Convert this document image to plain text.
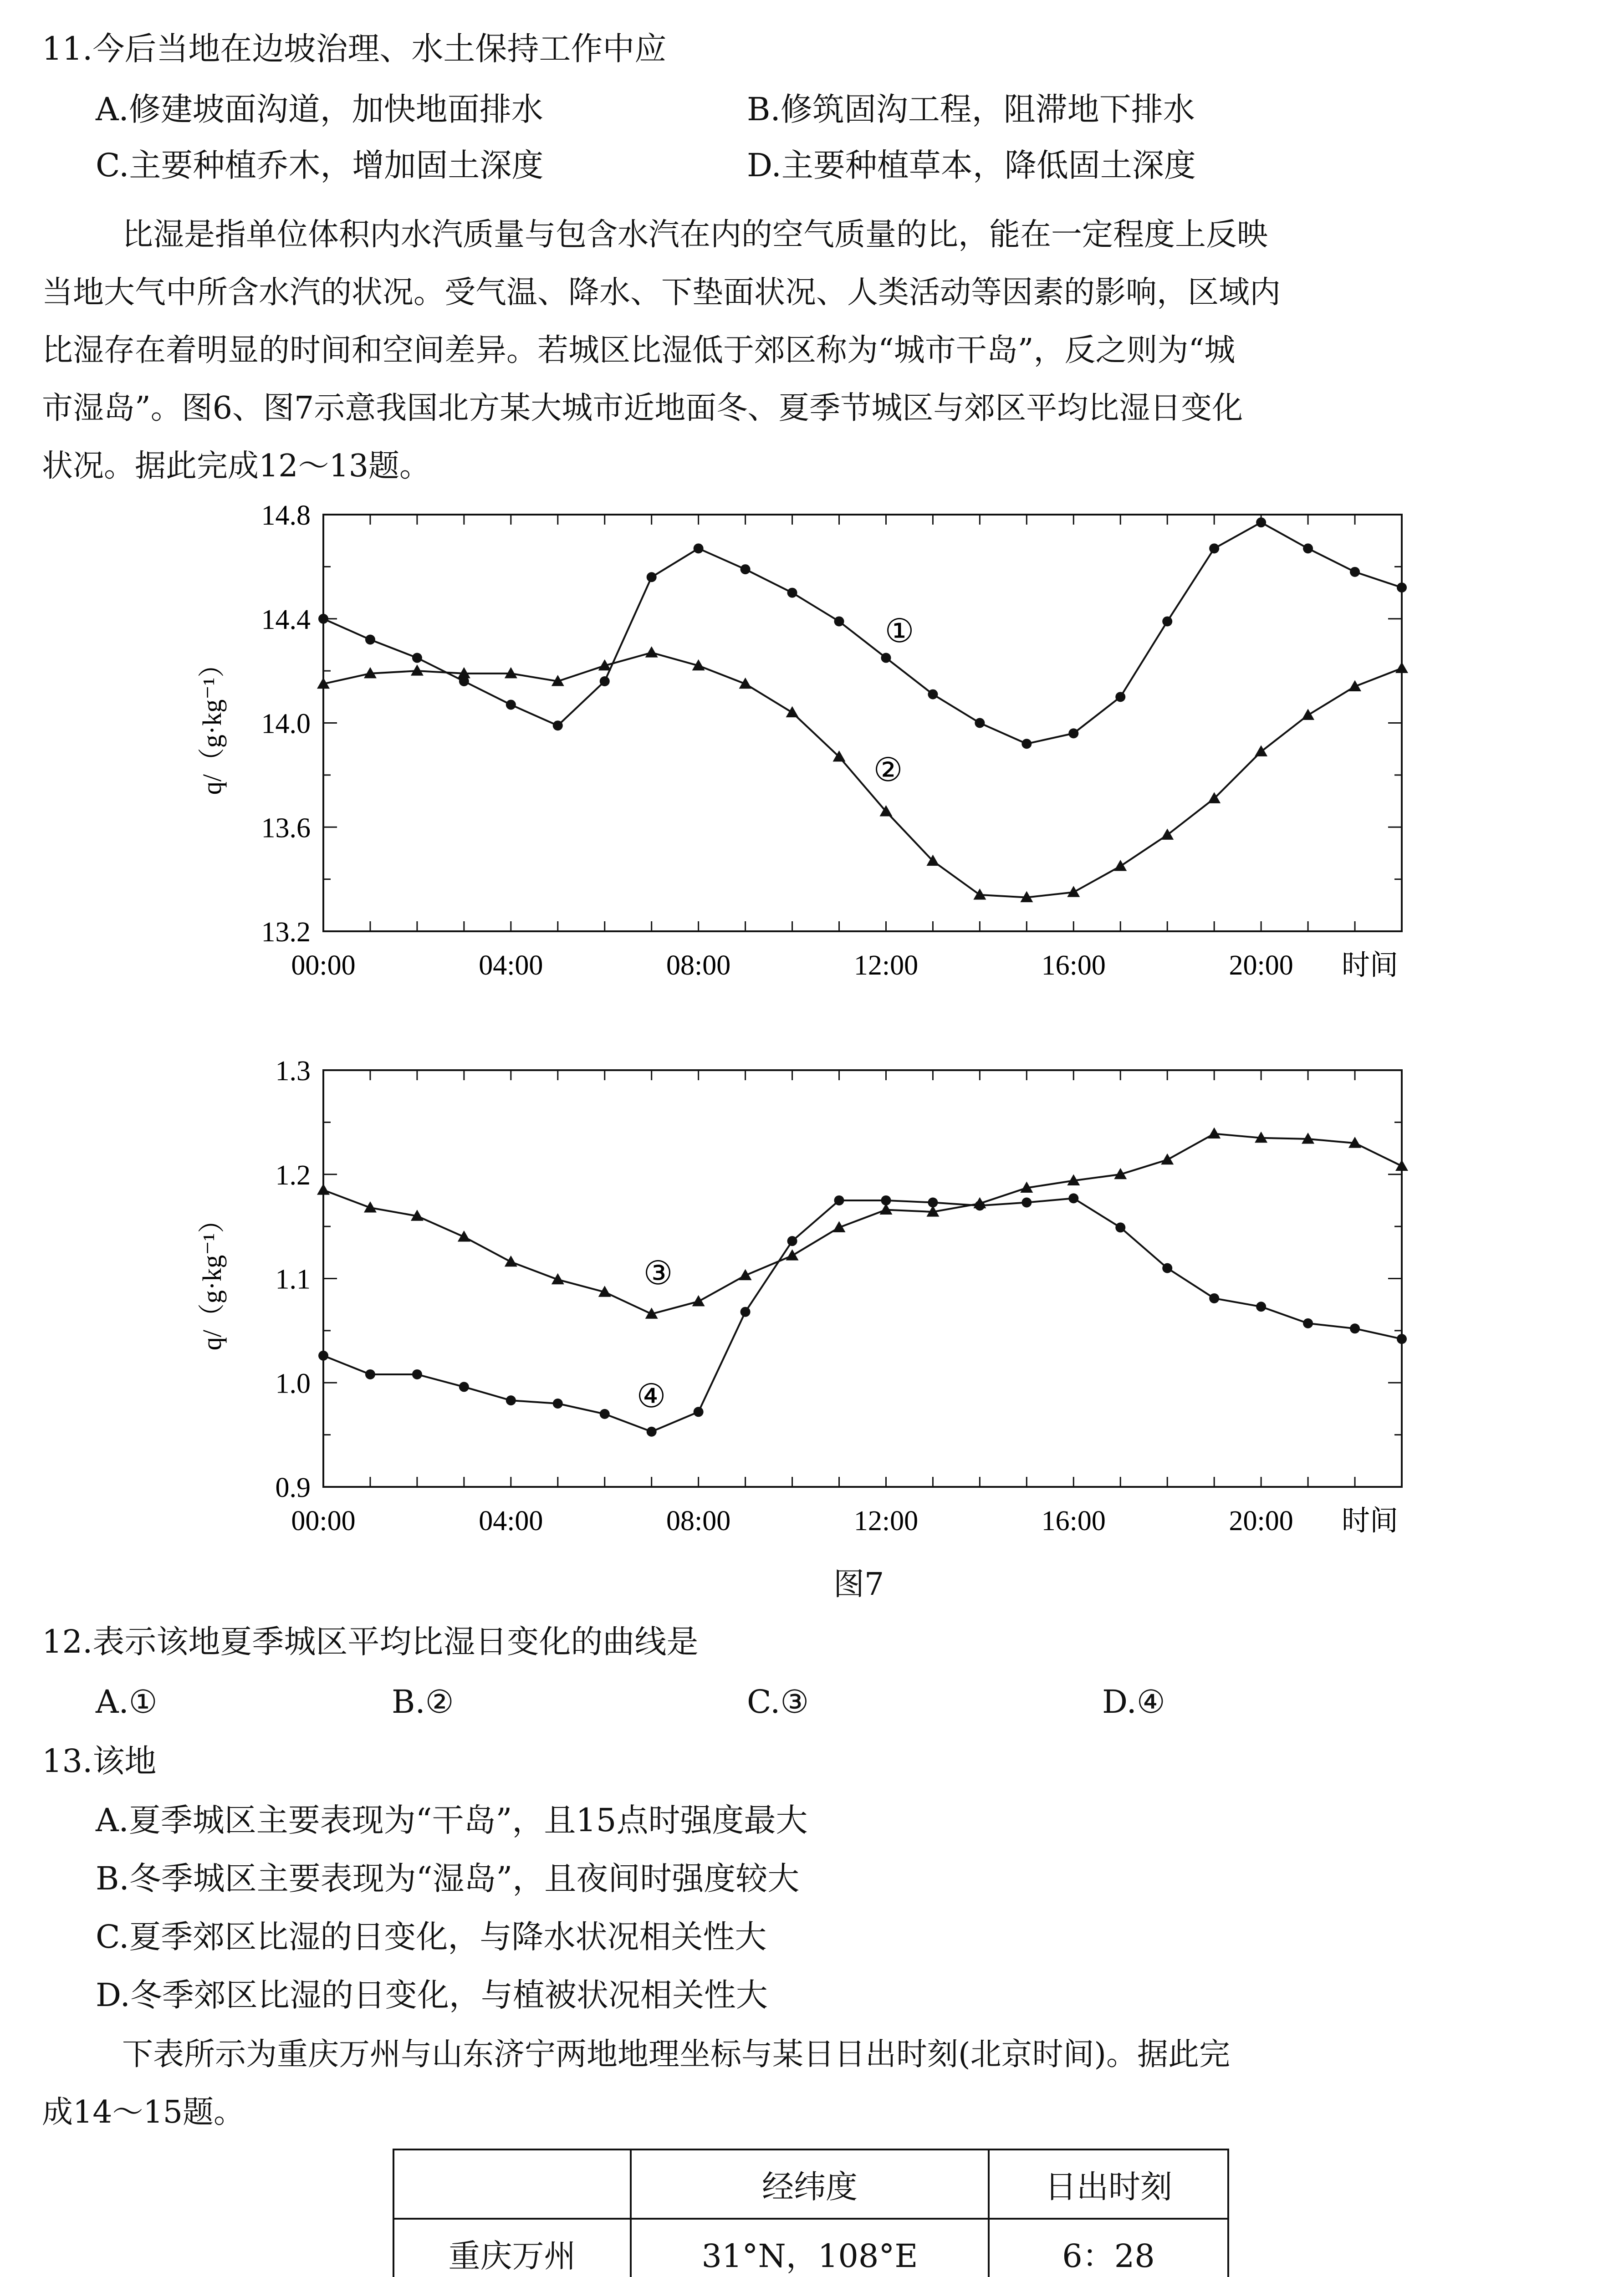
11.今后当地在边坡治理、水土保持工作中应
A.修建坡面沟道，加快地面排水	B.修筑固沟工程，阻滞地下排水
C.主要种植乔木，增加固土深度	D.主要种植草本，降低固土深度
比湿是指单位体积内水汽质量与包含水汽在内的空气质量的比，能在一定程度上反映
当地大气中所含水汽的状况。受气温、降水、下垫面状况、人类活动等因素的影响，区域内
比湿存在着明显的时间和空间差异。若城区比湿低于郊区称为“城市干岛”，反之则为“城
市湿岛”。图6、图7示意我国北方某大城市近地面冬、夏季节城区与郊区平均比湿日变化
状况。据此完成12～13题。
00:00	04:00	08:00	12:00	16:00	20:00 时间
13.2
13.6
14.0
14.4
14.8
q/（g·kg⁻¹）
①
②
00:00	04:00	08:00	12:00	16:00	20:00 时间
0.9
1.0
1.1
1.2
1.3
q/（g·kg⁻¹）	③
④
图7
12.表示该地夏季城区平均比湿日变化的曲线是
A.①	B.②	C.③	D.④
13.该地
A.夏季城区主要表现为“干岛”，且15点时强度最大
B.冬季城区主要表现为“湿岛”，且夜间时强度较大
C.夏季郊区比湿的日变化，与降水状况相关性大
D.冬季郊区比湿的日变化，与植被状况相关性大
下表所示为重庆万州与山东济宁两地地理坐标与某日日出时刻(北京时间)。据此完
成14～15题。
	经纬度	日出时刻
重庆万州	31°N，108°E	6：28
